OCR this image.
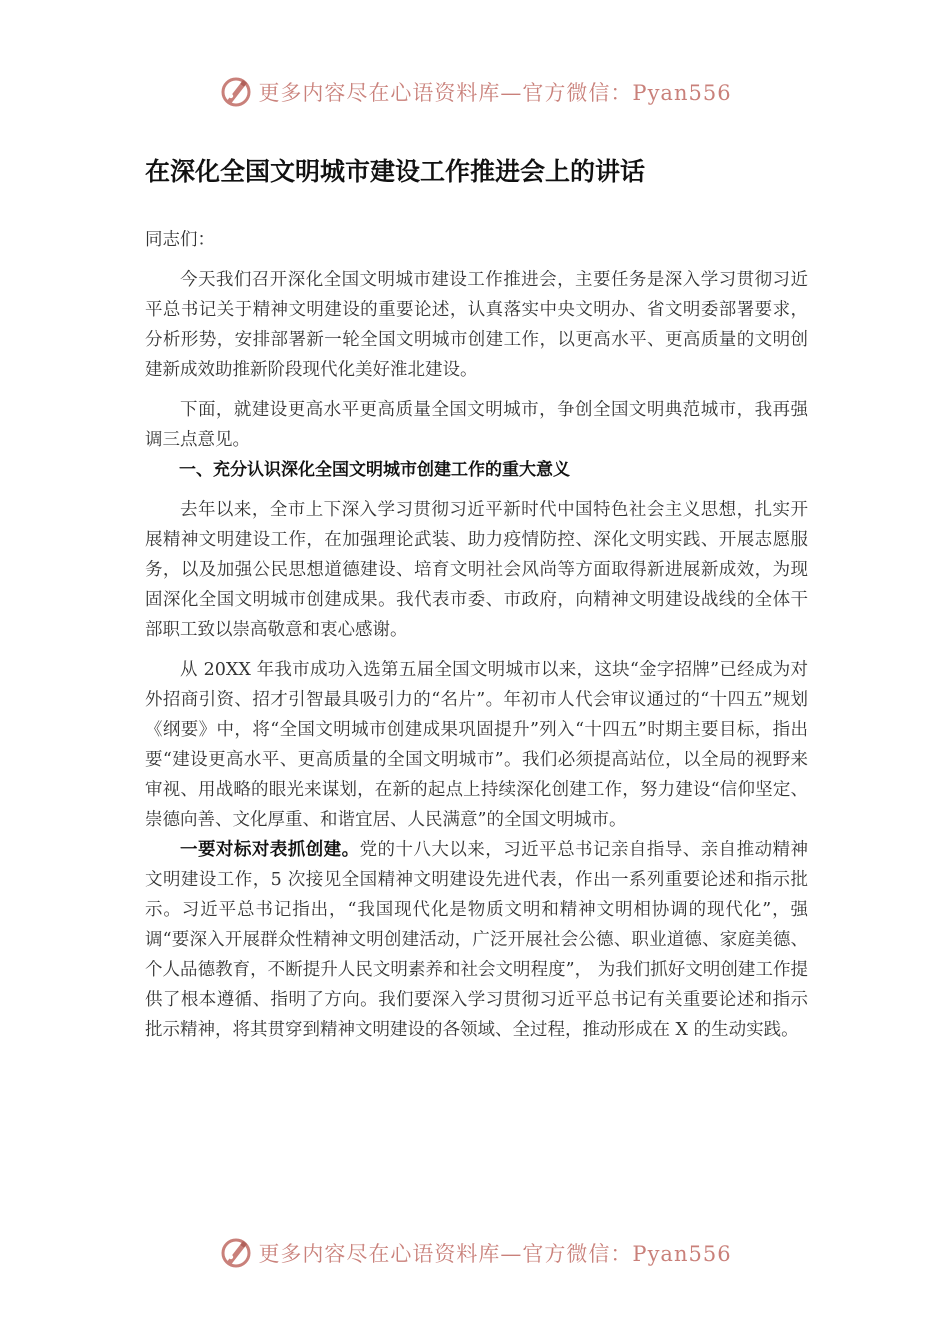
更多内容尽在心语资料库—官方微信：Pyan556
在深化全国文明城市建设工作推进会上的讲话

同志们：

今天我们召开深化全国文明城市建设工作推进会，主要任务是深入学习贯彻习近平总书记关于精神文明建设的重要论述，认真落实中央文明办、省文明委部署要求，分析形势，安排部署新一轮全国文明城市创建工作，以更高水平、更高质量的文明创建新成效助推新阶段现代化美好淮北建设。

下面，就建设更高水平更高质量全国文明城市，争创全国文明典范城市，我再强调三点意见。

一、充分认识深化全国文明城市创建工作的重大意义

去年以来，全市上下深入学习贯彻习近平新时代中国特色社会主义思想，扎实开展精神文明建设工作，在加强理论武装、助力疫情防控、深化文明实践、开展志愿服务，以及加强公民思想道德建设、培育文明社会风尚等方面取得新进展新成效，为现固深化全国文明城市创建成果。我代表市委、市政府，向精神文明建设战线的全体干部职工致以崇高敬意和衷心感谢。

从 20XX 年我市成功入选第五届全国文明城市以来，这块“金字招牌”已经成为对外招商引资、招才引智最具吸引力的“名片”。年初市人代会审议通过的“十四五”规划《纲要》中，将“全国文明城市创建成果巩固提升”列入“十四五”时期主要目标，指出要“建设更高水平、更高质量的全国文明城市”。我们必须提高站位，以全局的视野来审视、用战略的眼光来谋划，在新的起点上持续深化创建工作，努力建设“信仰坚定、崇德向善、文化厚重、和谐宜居、人民满意”的全国文明城市。

一要对标对表抓创建。党的十八大以来，习近平总书记亲自指导、亲自推动精神文明建设工作，5 次接见全国精神文明建设先进代表，作出一系列重要论述和指示批示。习近平总书记指出，“我国现代化是物质文明和精神文明相协调的现代化”，强调“要深入开展群众性精神文明创建活动，广泛开展社会公德、职业道德、家庭美德、个人品德教育，不断提升人民文明素养和社会文明程度”， 为我们抓好文明创建工作提供了根本遵循、指明了方向。我们要深入学习贯彻习近平总书记有关重要论述和指示批示精神，将其贯穿到精神文明建设的各领域、全过程，推动形成在 X 的生动实践。

更多内容尽在心语资料库—官方微信：Pyan556
